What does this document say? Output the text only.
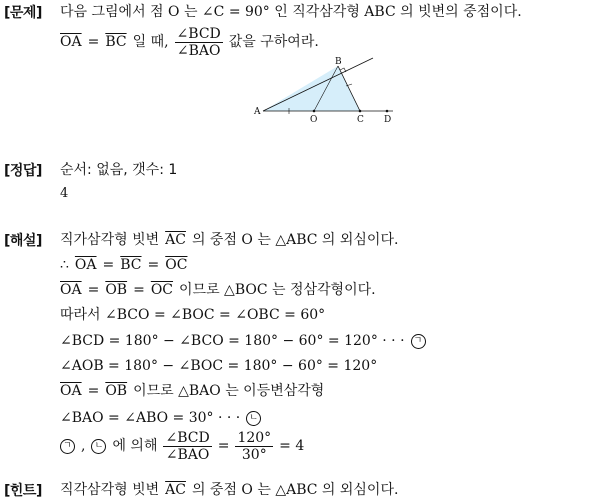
[문제] 다음 그림에서 점 O 는 ∠C = 90° 인 직각삼각형 ABC 의 빗변의 중점이다.
$\overline{OA} = \overline{BC}$ 일 때, $\frac{\text{∠BCD}}{\text{∠BAO}}$ 값을 구하여라.
A
B
O	C D
[정답] 순서: 없음, 갯수: 1
4
[해설] 직가삼각형 빗변 $\overline{AC}$ 의 중점 O 는 △ABC 의 외심이다.
∴ $\overline{OA} = \overline{BC} = \overline{OC}$
$\overline{OA} = \overline{OB} = \overline{OC}$ 이므로 △BOC 는 정삼각형이다.
따라서 ∠BCO = ∠BOC = ∠OBC = 60°
∠BCD = 180° − ∠BCO = 180° − 60° = 120° · · ·	ㄱ
∠AOB = 180° − ∠BOC = 180° − 60° = 120°
$\overline{OA} = \overline{OB}$ 이므로 △BAO 는 이등변삼각형
∠BAO = ∠ABO = 30° · · ·	ㄴ
ㄱ ,	ㄴ 에 의해 $\frac{\text{∠BCD}}{\text{∠BAO}} = \frac{120^\circ}{30^\circ} = 4$
[힌트] 직각삼각형 빗변 $\overline{AC}$ 의 중점 O 는 △ABC 의 외심이다.
